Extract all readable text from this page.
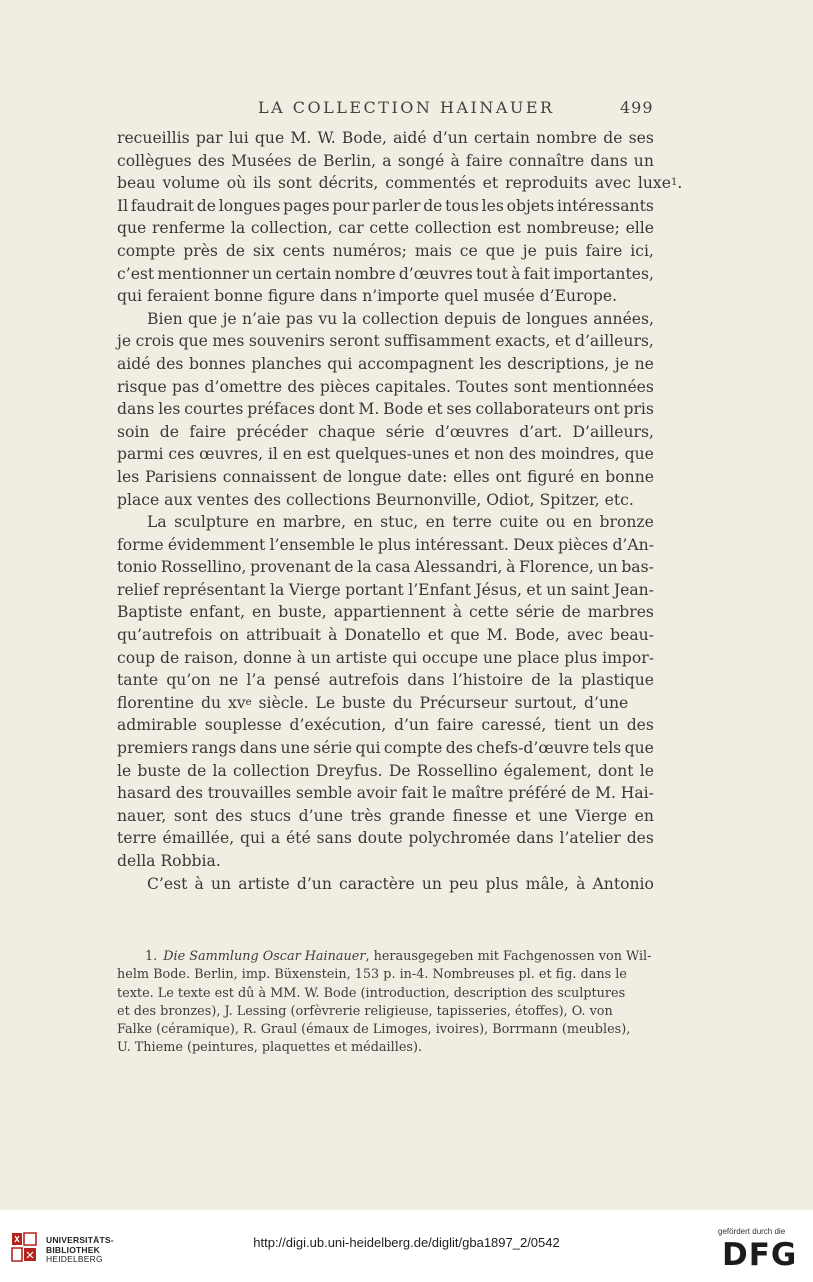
LA COLLECTION HAINAUER	499
recueillis par lui que M. W. Bode, aidé d’un certain nombre de ses
collègues des Musées de Berlin, a songé à faire connaître dans un
beau volume où ils sont décrits, commentés et reproduits avec luxe 1 .
Il faudrait de longues pages pour parler de tous les objets intéressants
que renferme la collection, car cette collection est nombreuse; elle
compte près de six cents numéros; mais ce que je puis faire ici,
c’est mentionner un certain nombre d’œuvres tout à fait importantes,
qui feraient bonne figure dans n’importe quel musée d’Europe.
Bien que je n’aie pas vu la collection depuis de longues années,
je crois que mes souvenirs seront suffisamment exacts, et d’ailleurs,
aidé des bonnes planches qui accompagnent les descriptions, je ne
risque pas d’omettre des pièces capitales. Toutes sont mentionnées
dans les courtes préfaces dont M. Bode et ses collaborateurs ont pris
soin de faire précéder chaque série d’œuvres d’art. D’ailleurs,
parmi ces œuvres, il en est quelques-unes et non des moindres, que
les Parisiens connaissent de longue date: elles ont figuré en bonne
place aux ventes des collections Beurnonville, Odiot, Spitzer, etc.
La sculpture en marbre, en stuc, en terre cuite ou en bronze
forme évidemment l’ensemble le plus intéressant. Deux pièces d’An-
tonio Rossellino, provenant de la casa Alessandri, à Florence, un bas-
relief représentant la Vierge portant l’Enfant Jésus, et un saint Jean-
Baptiste enfant, en buste, appartiennent à cette série de marbres
qu’autrefois on attribuait à Donatello et que M. Bode, avec beau-
coup de raison, donne à un artiste qui occupe une place plus impor-
tante qu’on ne l’a pensé autrefois dans l’histoire de la plastique
florentine du xv e siècle. Le buste du Précurseur surtout, d’une
admirable souplesse d’exécution, d’un faire caressé, tient un des
premiers rangs dans une série qui compte des chefs-d’œuvre tels que
le buste de la collection Dreyfus. De Rossellino également, dont le
hasard des trouvailles semble avoir fait le maître préféré de M. Hai-
nauer, sont des stucs d’une très grande finesse et une Vierge en
terre émaillée, qui a été sans doute polychromée dans l’atelier des
della Robbia.
C’est à un artiste d’un caractère un peu plus mâle, à Antonio
1. Die Sammlung Oscar Hainauer , herausgegeben mit Fachgenossen von Wil-
helm Bode. Berlin, imp. Büxenstein, 153 p. in-4. Nombreuses pl. et fig. dans le
texte. Le texte est dû à MM. W. Bode (introduction, description des sculptures
et des bronzes), J. Lessing (orfèvrerie religieuse, tapisseries, étoffes), O. von
Falke (céramique), R. Graul (émaux de Limoges, ivoires), Borrmann (meubles),
U. Thieme (peintures, plaquettes et médailles).
UNIVERSITÄTS-
BIBLIOTHEK
HEIDELBERG
http://digi.ub.uni-heidelberg.de/diglit/gba1897_2/0542
gefördert durch die
DFG
